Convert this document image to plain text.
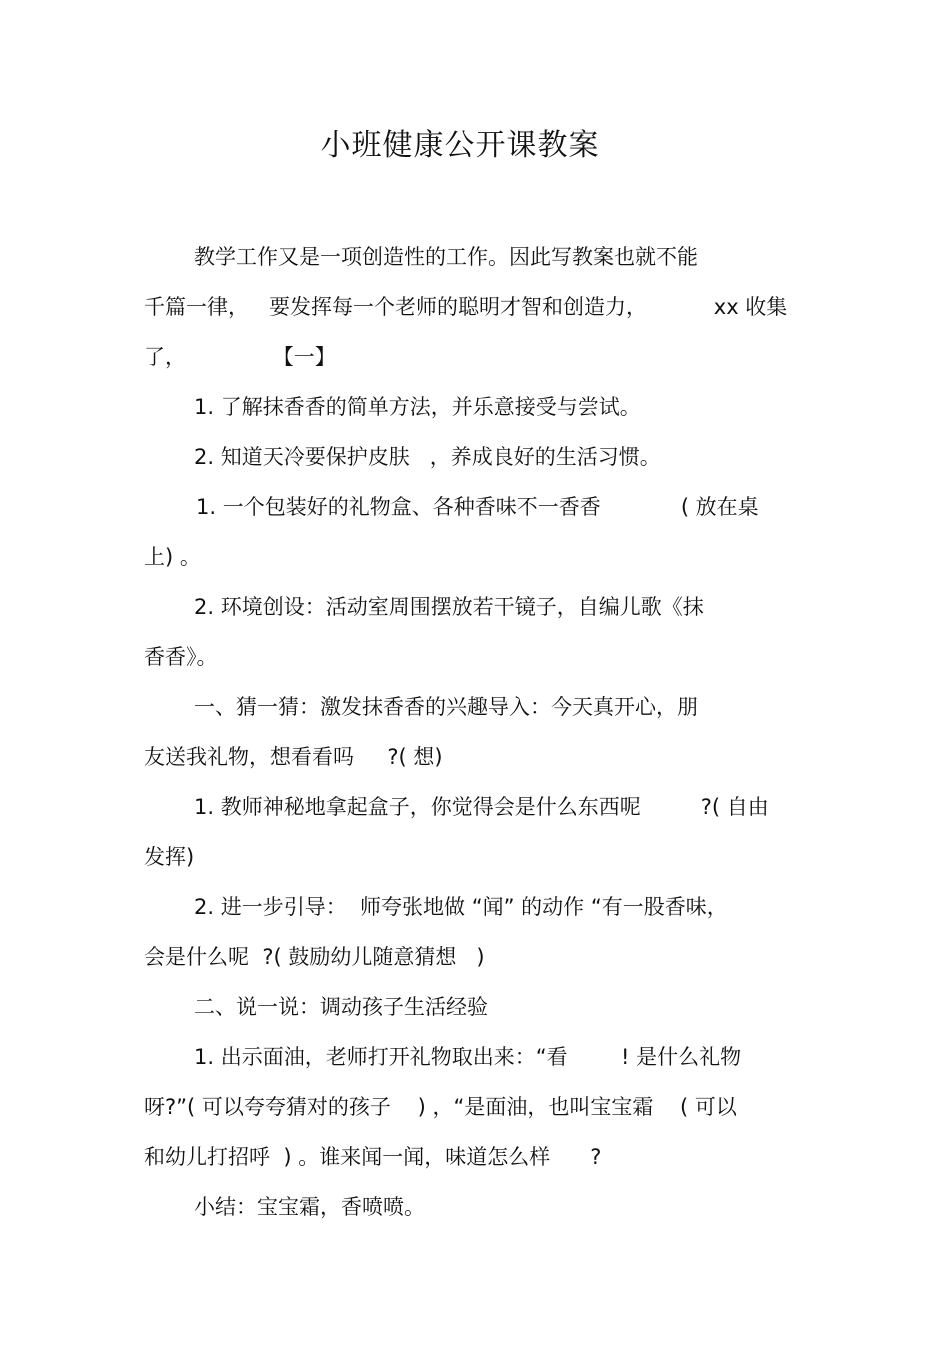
小班健康公开课教案
教学工作又是一项创造性的工作。因此写教案也就不能
千篇一律，   要发挥每一个老师的聪明才智和创造力，          xx 收集
了，             【一】
1. 了解抹香香的简单方法，并乐意接受与尝试。
2. 知道天冷要保护皮肤   ，养成良好的生活习惯。
1. 一个包装好的礼物盒、各种香味不一香香            ( 放在桌
上) 。
2. 环境创设：活动室周围摆放若干镜子，自编儿歌《抹
香香》。
一、猜一猜：激发抹香香的兴趣导入：今天真开心，朋
友送我礼物，想看看吗     ?( 想)
1. 教师神秘地拿起盒子，你觉得会是什么东西呢         ?( 自由
发挥)
2. 进一步引导：  师夸张地做 “闻” 的动作 “有一股香味，
会是什么呢  ?( 鼓励幼儿随意猜想   )
二、说一说：调动孩子生活经验
1. 出示面油，老师打开礼物取出来：“看        ! 是什么礼物
呀?”( 可以夸夸猜对的孩子    ) ，“是面油，也叫宝宝霜    ( 可以
和幼儿打招呼  ) 。谁来闻一闻，味道怎么样      ?
小结：宝宝霜，香喷喷。
